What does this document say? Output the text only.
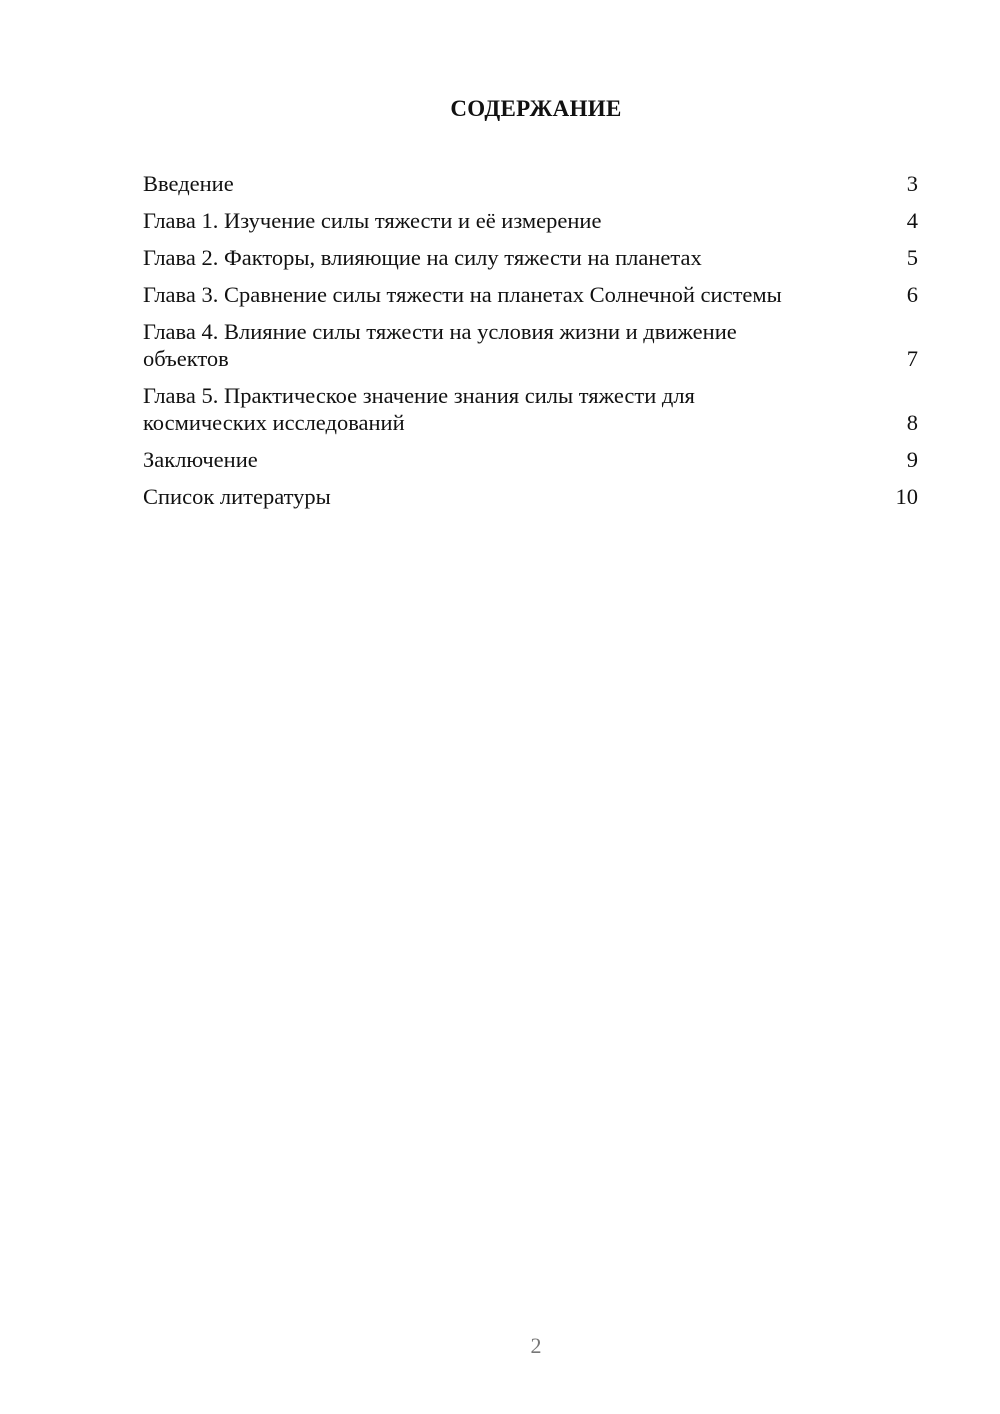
СОДЕРЖАНИЕ
Введение	3
Глава 1. Изучение силы тяжести и её измерение	4
Глава 2. Факторы, влияющие на силу тяжести на планетах	5
Глава 3. Сравнение силы тяжести на планетах Солнечной системы	6
Глава 4. Влияние силы тяжести на условия жизни и движение объектов	7
Глава 5. Практическое значение знания силы тяжести для космических исследований	8
Заключение	9
Список литературы	10
2
